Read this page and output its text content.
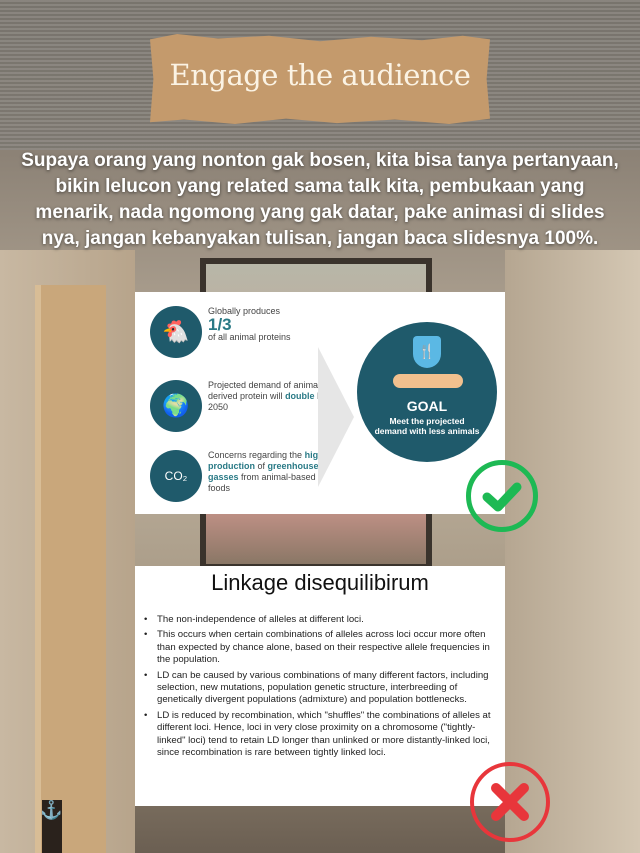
⚓
Engage the audience
Supaya orang yang nonton gak bosen, kita bisa tanya pertanyaan, bikin lelucon yang related sama talk kita, pembukaan yang menarik, nada ngomong yang gak datar, pake animasi di slides nya, jangan kebanyakan tulisan, jangan baca slidesnya 100%.
🐔
Globally produces
1/3
of all animal proteins
🌍
Projected demand of animal-derived protein will double by 2050
CO₂
Concerns regarding the high production of greenhouse gasses from animal-based foods
🍴
GOAL
Meet the projected demand with less animals
Linkage disequilibirum
• The non-independence of alleles at different loci.
• This occurs when certain combinations of alleles across loci occur more often than expected by chance alone, based on their respective allele frequencies in the population.
• LD can be caused by various combinations of many different factors, including selection, new mutations, population genetic structure, interbreeding of genetically divergent populations (admixture) and population bottlenecks.
• LD is reduced by recombination, which "shuffles" the combinations of alleles at different loci. Hence, loci in very close proximity on a chromosome ("tightly-linked" loci) tend to retain LD longer than unlinked or more distantly-linked loci, since recombination is rare between tightly linked loci.
